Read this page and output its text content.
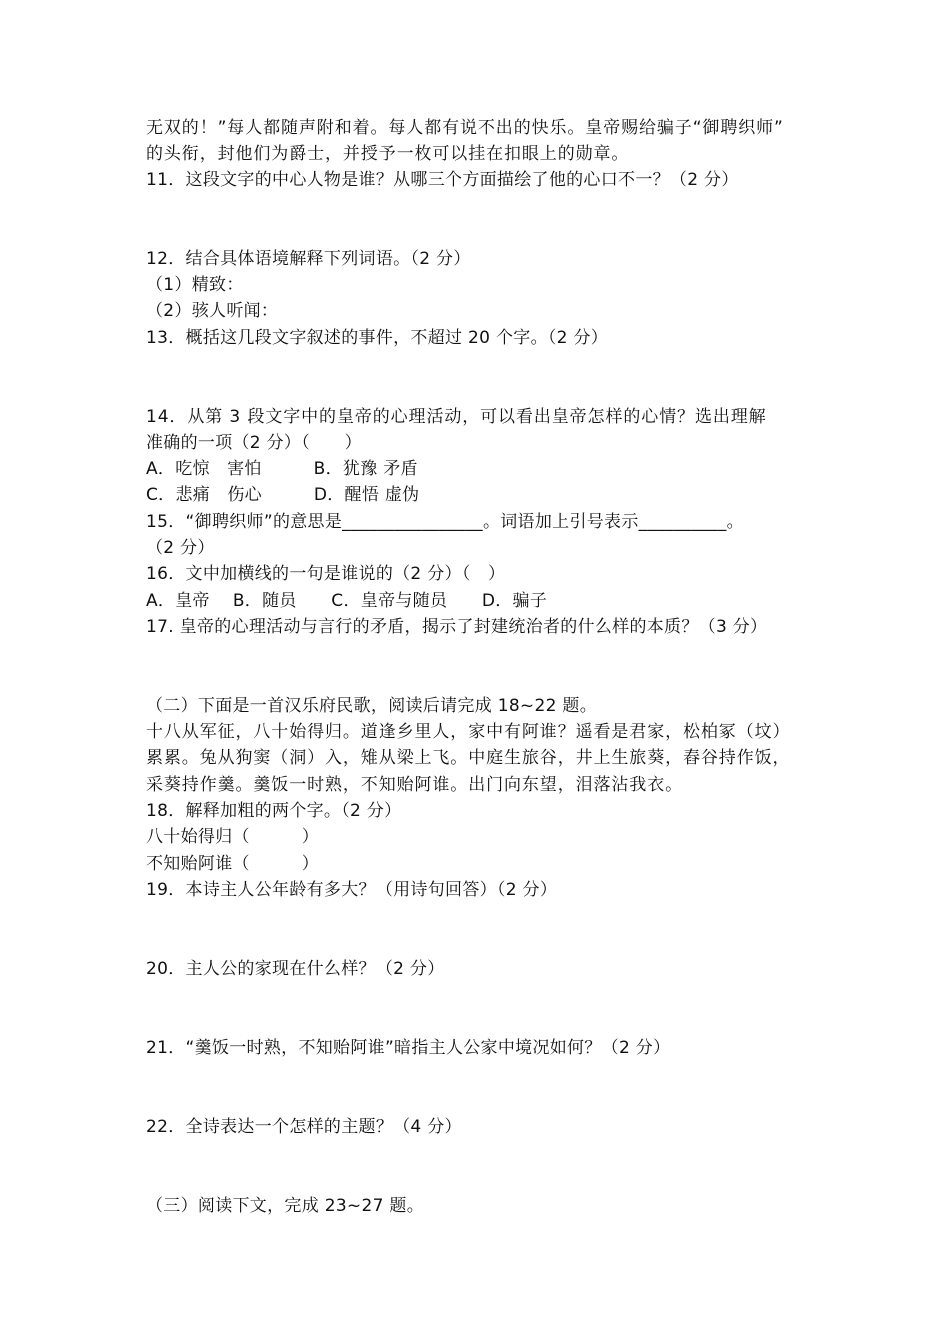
无双的！”每人都随声附和着。每人都有说不出的快乐。皇帝赐给骗子“御聘织师”

的头衔，封他们为爵士，并授予一枚可以挂在扣眼上的勋章。

11．这段文字的中心人物是谁？从哪三个方面描绘了他的心口不一？（2 分）

12．结合具体语境解释下列词语。（2 分）

（1）精致：

（2）骇人听闻：

13．概括这几段文字叙述的事件，不超过 20 个字。（2 分）

14．从第 3 段文字中的皇帝的心理活动，可以看出皇帝怎样的心情？选出理解

准确的一项（2 分）（　　）

A．吃惊　害怕　　　B．犹豫 矛盾

C．悲痛　伤心　　　D．醒悟 虚伪

15．“御聘织师”的意思是________________。词语加上引号表示__________。

（2 分）

16．文中加横线的一句是谁说的（2 分）（　）

A．皇帝　 B．随员　　C．皇帝与随员　　D．骗子

17. 皇帝的心理活动与言行的矛盾，揭示了封建统治者的什么样的本质？（3 分）

（二）下面是一首汉乐府民歌，阅读后请完成 18~22 题。

十八从军征，八十始得归。道逢乡里人，家中有阿谁？遥看是君家，松柏冢（坟）

累累。兔从狗窦（洞）入，雉从梁上飞。中庭生旅谷，井上生旅葵，舂谷持作饭，

采葵持作羹。羹饭一时熟，不知贻阿谁。出门向东望，泪落沾我衣。

18．解释加粗的两个字。（2 分）

八十始得归（　　　）

不知贻阿谁（　　　）

19．本诗主人公年龄有多大？（用诗句回答）（2 分）

20．主人公的家现在什么样？（2 分）

21．“羹饭一时熟，不知贻阿谁”暗指主人公家中境况如何？（2 分）

22．全诗表达一个怎样的主题？（4 分）

（三）阅读下文，完成 23~27 题。
